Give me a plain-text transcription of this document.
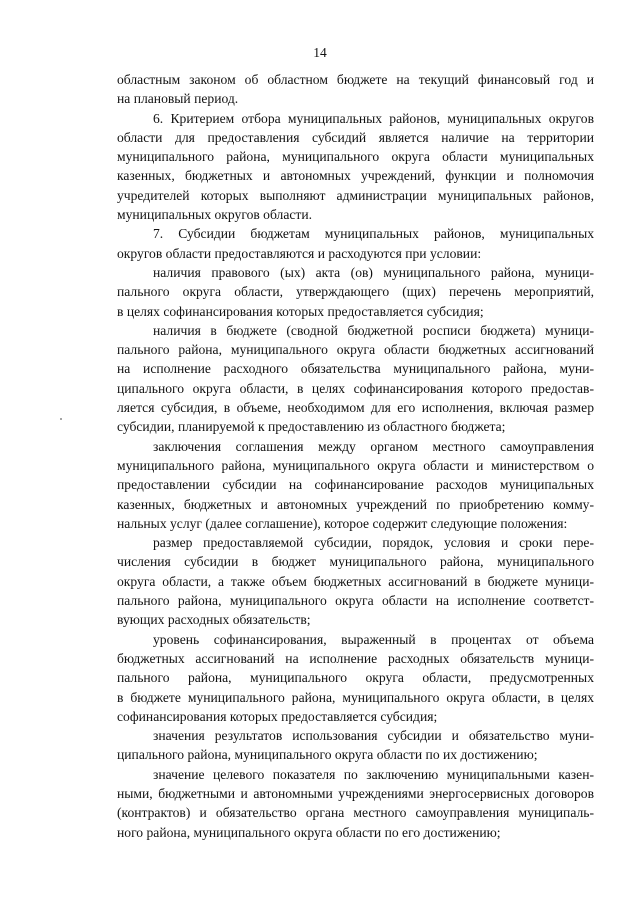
14
областным законом об областном бюджете на текущий финансовый год и
на плановый период.
6. Критерием отбора муниципальных районов, муниципальных округов
области для предоставления субсидий является наличие на территории
муниципального района, муниципального округа области муниципальных
казенных, бюджетных и автономных учреждений, функции и полномочия
учредителей которых выполняют администрации муниципальных районов,
муниципальных округов области.
7. Субсидии бюджетам муниципальных районов, муниципальных
округов области предоставляются и расходуются при условии:
наличия правового (ых) акта (ов) муниципального района, муници-
пального округа области, утверждающего (щих) перечень мероприятий,
в целях софинансирования которых предоставляется субсидия;
наличия в бюджете (сводной бюджетной росписи бюджета) муници-
пального района, муниципального округа области бюджетных ассигнований
на исполнение расходного обязательства муниципального района, муни-
ципального округа области, в целях софинансирования которого предостав-
ляется субсидия, в объеме, необходимом для его исполнения, включая размер
субсидии, планируемой к предоставлению из областного бюджета;
заключения соглашения между органом местного самоуправления
муниципального района, муниципального округа области и министерством о
предоставлении субсидии на софинансирование расходов муниципальных
казенных, бюджетных и автономных учреждений по приобретению комму-
нальных услуг (далее соглашение), которое содержит следующие положения:
размер предоставляемой субсидии, порядок, условия и сроки пере-
числения субсидии в бюджет муниципального района, муниципального
округа области, а также объем бюджетных ассигнований в бюджете муници-
пального района, муниципального округа области на исполнение соответст-
вующих расходных обязательств;
уровень софинансирования, выраженный в процентах от объема
бюджетных ассигнований на исполнение расходных обязательств муници-
пального района, муниципального округа области, предусмотренных
в бюджете муниципального района, муниципального округа области, в целях
софинансирования которых предоставляется субсидия;
значения результатов использования субсидии и обязательство муни-
ципального района, муниципального округа области по их достижению;
значение целевого показателя по заключению муниципальными казен-
ными, бюджетными и автономными учреждениями энергосервисных договоров
(контрактов) и обязательство органа местного самоуправления муниципаль-
ного района, муниципального округа области по его достижению;
